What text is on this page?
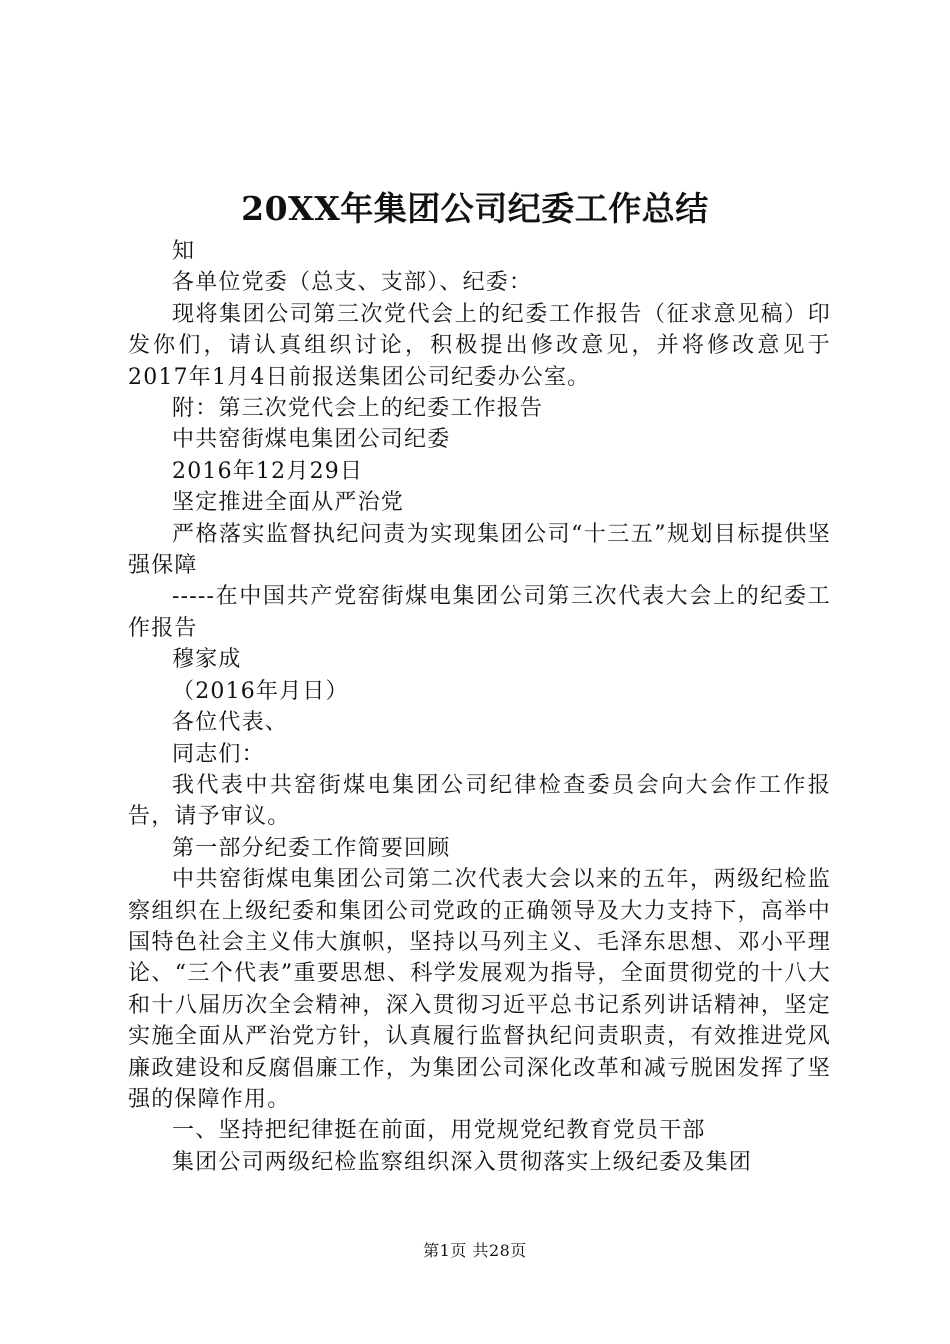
20XX年集团公司纪委工作总结

知

各单位党委（总支、支部）、纪委：

现将集团公司第三次党代会上的纪委工作报告（征求意见稿）印发你们，请认真组织讨论，积极提出修改意见，并将修改意见于2017年1月4日前报送集团公司纪委办公室。

附：第三次党代会上的纪委工作报告

中共窑街煤电集团公司纪委

2016年12月29日

坚定推进全面从严治党

严格落实监督执纪问责为实现集团公司“十三五”规划目标提供坚强保障

-----在中国共产党窑街煤电集团公司第三次代表大会上的纪委工作报告

穆家成

（2016年月日）

各位代表、

同志们：

我代表中共窑街煤电集团公司纪律检查委员会向大会作工作报告，请予审议。

第一部分纪委工作简要回顾

中共窑街煤电集团公司第二次代表大会以来的五年，两级纪检监察组织在上级纪委和集团公司党政的正确领导及大力支持下，高举中国特色社会主义伟大旗帜，坚持以马列主义、毛泽东思想、邓小平理论、“三个代表”重要思想、科学发展观为指导，全面贯彻党的十八大和十八届历次全会精神，深入贯彻习近平总书记系列讲话精神，坚定实施全面从严治党方针，认真履行监督执纪问责职责，有效推进党风廉政建设和反腐倡廉工作，为集团公司深化改革和减亏脱困发挥了坚强的保障作用。

一、坚持把纪律挺在前面，用党规党纪教育党员干部

集团公司两级纪检监察组织深入贯彻落实上级纪委及集团

第1页 共28页
